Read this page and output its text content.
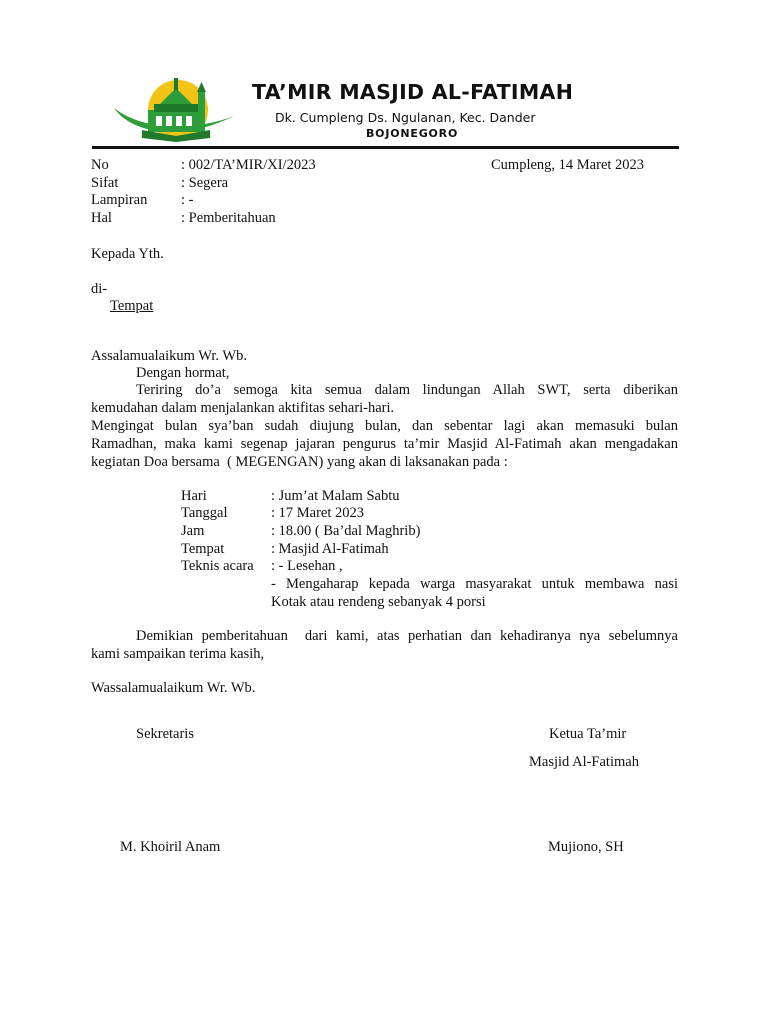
TA’MIR MASJID AL-FATIMAH
Dk. Cumpleng Ds. Ngulanan, Kec. Dander
BOJONEGORO
No	: 002/TA’MIR/XI/2023	Cumpleng, 14 Maret 2023
Sifat	: Segera
Lampiran : -
Hal	: Pemberitahuan
Kepada Yth.
di-
Tempat
Assalamualaikum Wr. Wb.
Dengan hormat,
Teriring do’a semoga kita semua dalam lindungan Allah SWT, serta diberikan
kemudahan dalam menjalankan aktifitas sehari-hari.
Mengingat bulan sya’ban sudah diujung bulan, dan sebentar lagi akan memasuki bulan
Ramadhan, maka kami segenap jajaran pengurus ta’mir Masjid Al-Fatimah akan mengadakan
kegiatan Doa bersama  ( MEGENGAN) yang akan di laksanakan pada :
Hari	: Jum’at Malam Sabtu
Tanggal	: 17 Maret 2023
Jam	: 18.00 ( Ba’dal Maghrib)
Tempat	: Masjid Al-Fatimah
Teknis acara : - Lesehan ,
- Mengaharap kepada warga masyarakat untuk membawa nasi
Kotak atau rendeng sebanyak 4 porsi
Demikian pemberitahuan  dari kami, atas perhatian dan kehadiranya nya sebelumnya
kami sampaikan terima kasih,
Wassalamualaikum Wr. Wb.
Sekretaris	Ketua Ta’mir
Masjid Al-Fatimah
M. Khoiril Anam	Mujiono, SH
